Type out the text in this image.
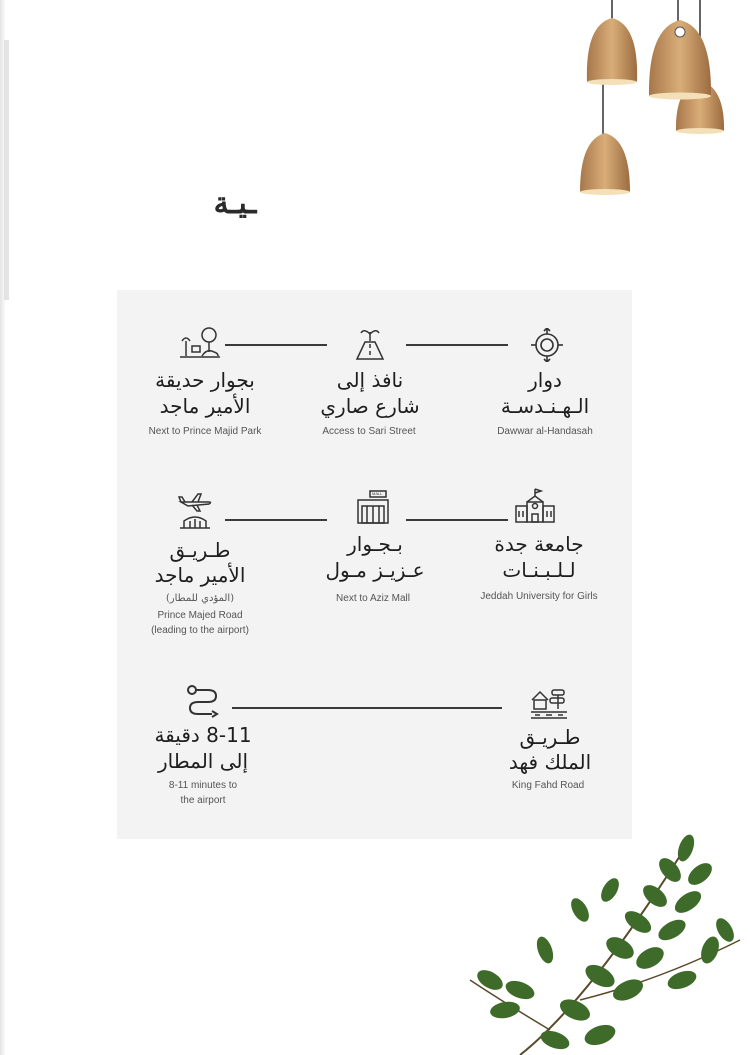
ـيـة
دوار
الـهـنـدسـة
Dawwar al-Handasah
نافذ إلى
شارع صاري
Access to Sari Street
بجوار حديقة
الأمير ماجد
Next to Prince Majid Park
جامعة جدة
لـلـبـنـات
Jeddah University for Girls
MALL
بـجـوار
عـزيـز مـول
Next to Aziz Mall
طـريـق
الأمير ماجد
(المؤدي للمطار)
Prince Majed Road
(leading to the airport)
طـريـق
الملك فهد
King Fahd Road
8-11 دقيقة
إلى المطار
8-11 minutes to
the airport
